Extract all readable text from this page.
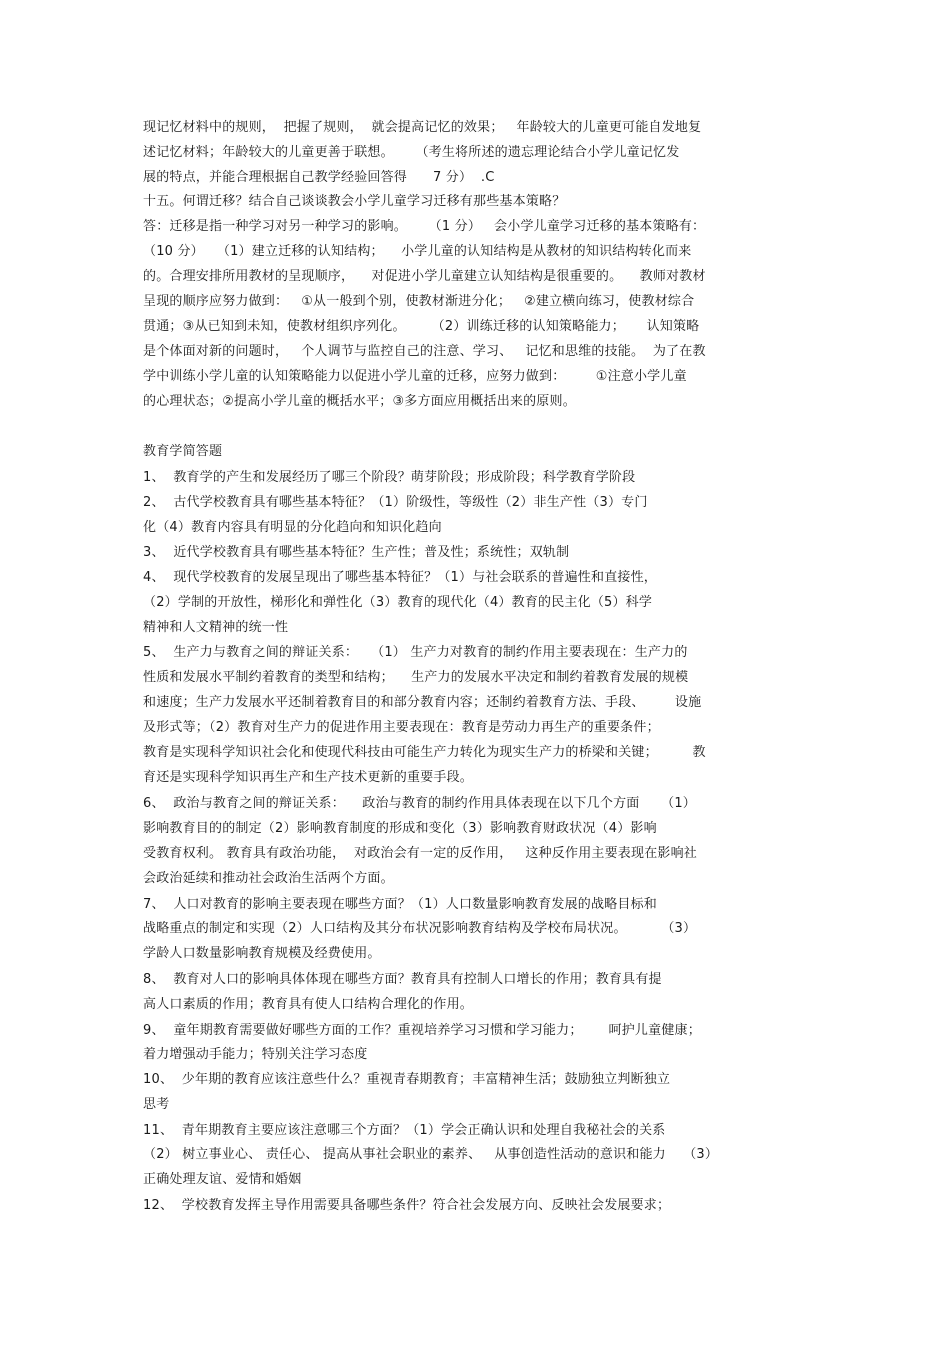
现记忆材料中的规则，  把握了规则，  就会提高记忆的效果；   年龄较大的儿童更可能自发地复
述记忆材料；年龄较大的儿童更善于联想。     （考生将所述的遗忘理论结合小学儿童记忆发
展的特点，并能合理根据自己教学经验回答得      7 分）  .C
十五。何谓迁移？结合自己谈谈教会小学儿童学习迁移有那些基本策略？
答：迁移是指一种学习对另一种学习的影响。     （1 分）   会小学儿童学习迁移的基本策略有：
（10 分）   （1）建立迁移的认知结构；    小学儿童的认知结构是从教材的知识结构转化而来
的。合理安排所用教材的呈现顺序，    对促进小学儿童建立认知结构是很重要的。    教师对教材
呈现的顺序应努力做到：   ①从一般到个别，使教材渐进分化；   ②建立横向练习，使教材综合
贯通；③从已知到未知，使教材组织序列化。      （2）训练迁移的认知策略能力；     认知策略
是个体面对新的问题时，   个人调节与监控自己的注意、学习、   记忆和思维的技能。  为了在教
学中训练小学儿童的认知策略能力以促进小学儿童的迁移，应努力做到：       ①注意小学儿童
的心理状态；②提高小学儿童的概括水平；③多方面应用概括出来的原则。
教育学简答题
1、  教育学的产生和发展经历了哪三个阶段？萌芽阶段；形成阶段；科学教育学阶段
2、  古代学校教育具有哪些基本特征？（1）阶级性，等级性（2）非生产性（3）专门
化（4）教育内容具有明显的分化趋向和知识化趋向
3、  近代学校教育具有哪些基本特征？生产性；普及性；系统性；双轨制
4、  现代学校教育的发展呈现出了哪些基本特征？（1）与社会联系的普遍性和直接性，
（2）学制的开放性，梯形化和弹性化（3）教育的现代化（4）教育的民主化（5）科学
精神和人文精神的统一性
5、  生产力与教育之间的辩证关系：   （1） 生产力对教育的制约作用主要表现在：生产力的
性质和发展水平制约着教育的类型和结构；    生产力的发展水平决定和制约着教育发展的规模
和速度；生产力发展水平还制着教育目的和部分教育内容；还制约着教育方法、手段、       设施
及形式等；（2）教育对生产力的促进作用主要表现在：教育是劳动力再生产的重要条件；
教育是实现科学知识社会化和使现代科技由可能生产力转化为现实生产力的桥梁和关键；        教
育还是实现科学知识再生产和生产技术更新的重要手段。
6、  政治与教育之间的辩证关系：    政治与教育的制约作用具体表现在以下几个方面     （1）
影响教育目的的制定（2）影响教育制度的形成和变化（3）影响教育财政状况（4）影响
受教育权利。 教育具有政治功能，  对政治会有一定的反作用，   这种反作用主要表现在影响社
会政治延续和推动社会政治生活两个方面。
7、  人口对教育的影响主要表现在哪些方面？（1）人口数量影响教育发展的战略目标和
战略重点的制定和实现（2）人口结构及其分布状况影响教育结构及学校布局状况。        （3）
学龄人口数量影响教育规模及经费使用。
8、  教育对人口的影响具体体现在哪些方面？教育具有控制人口增长的作用；教育具有提
高人口素质的作用；教育具有使人口结构合理化的作用。
9、  童年期教育需要做好哪些方面的工作？重视培养学习习惯和学习能力；      呵护儿童健康；
着力增强动手能力；特别关注学习态度
10、  少年期的教育应该注意些什么？重视青春期教育；丰富精神生活；鼓励独立判断独立
思考
11、  青年期教育主要应该注意哪三个方面？（1）学会正确认识和处理自我秘社会的关系
（2） 树立事业心、 责任心、 提高从事社会职业的素养、   从事创造性活动的意识和能力    （3）
正确处理友谊、爱情和婚姻
12、  学校教育发挥主导作用需要具备哪些条件？符合社会发展方向、反映社会发展要求；
